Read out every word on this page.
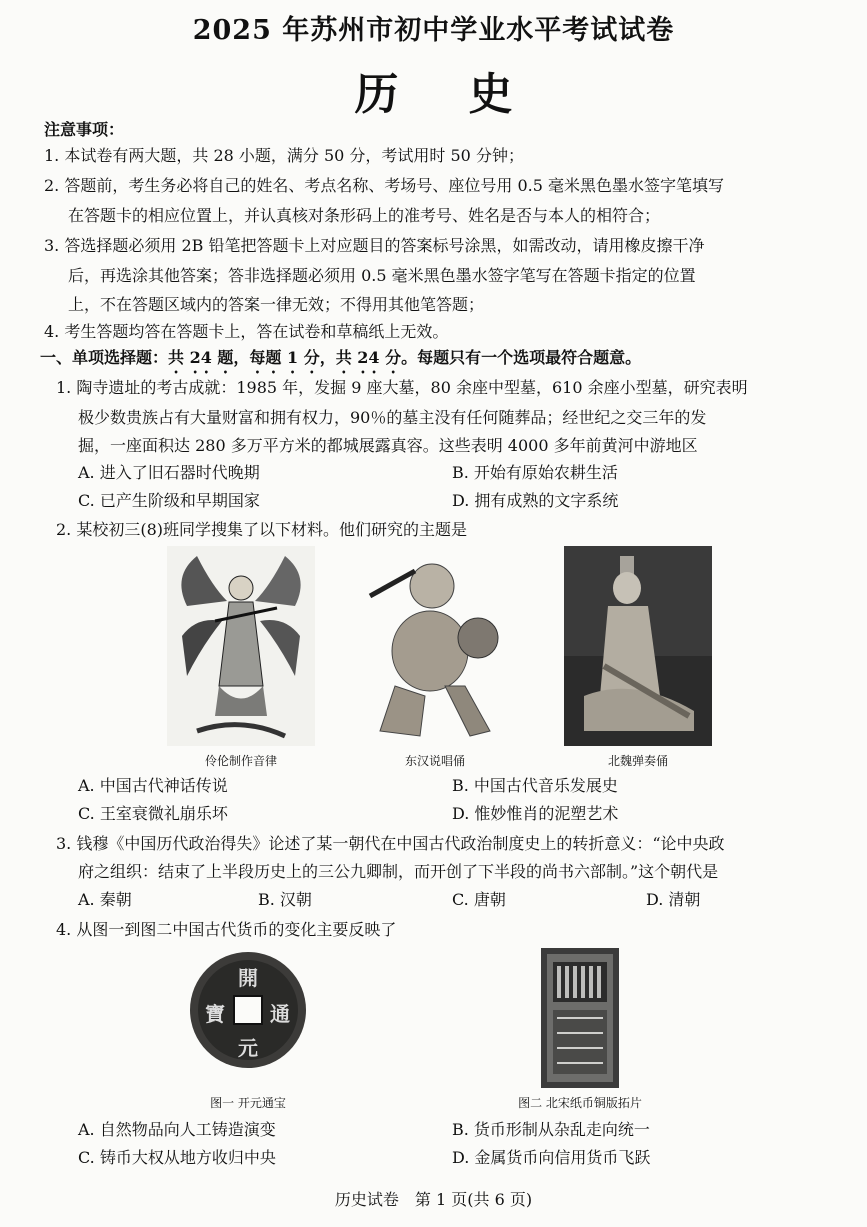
2025 年苏州市初中学业水平考试试卷
历史
注意事项：
1. 本试卷有两大题，共 28 小题，满分 50 分，考试用时 50 分钟；
2. 答题前，考生务必将自己的姓名、考点名称、考场号、座位号用 0.5 毫米黑色墨水签字笔填写
在答题卡的相应位置上，并认真核对条形码上的准考号、姓名是否与本人的相符合；
3. 答选择题必须用 2B 铅笔把答题卡上对应题目的答案标号涂黑，如需改动，请用橡皮擦干净
后，再选涂其他答案；答非选择题必须用 0.5 毫米黑色墨水签字笔写在答题卡指定的位置
上，不在答题区域内的答案一律无效；不得用其他笔答题；
4. 考生答题均答在答题卡上，答在试卷和草稿纸上无效。
一、单项选择题：共 24 题，每题 1 分，共 24 分。每题只有一个选项最符合题意。
1. 陶寺遗址的考古成就：1985 年，发掘 9 座大墓，80 余座中型墓，610 余座小型墓，研究表明
极少数贵族占有大量财富和拥有权力，90％的墓主没有任何随葬品；经世纪之交三年的发
掘，一座面积达 280 多万平方米的都城展露真容。这些表明 4000 多年前黄河中游地区
A. 进入了旧石器时代晚期	B. 开始有原始农耕生活
C. 已产生阶级和早期国家	D. 拥有成熟的文字系统
2. 某校初三(8)班同学搜集了以下材料。他们研究的主题是
伶伦制作音律	东汉说唱俑	北魏弹奏俑
A. 中国古代神话传说	B. 中国古代音乐发展史
C. 王室衰微礼崩乐坏	D. 惟妙惟肖的泥塑艺术
3. 钱穆《中国历代政治得失》论述了某一朝代在中国古代政治制度史上的转折意义：“论中央政
府之组织：结束了上半段历史上的三公九卿制，而开创了下半段的尚书六部制。”这个朝代是
A. 秦朝	B. 汉朝	C. 唐朝	D. 清朝
4. 从图一到图二中国古代货币的变化主要反映了
開
元
通
寶
图一 开元通宝	图二 北宋纸币铜版拓片
A. 自然物品向人工铸造演变	B. 货币形制从杂乱走向统一
C. 铸币大权从地方收归中央	D. 金属货币向信用货币飞跃
历史试卷　第 1 页(共 6 页)
